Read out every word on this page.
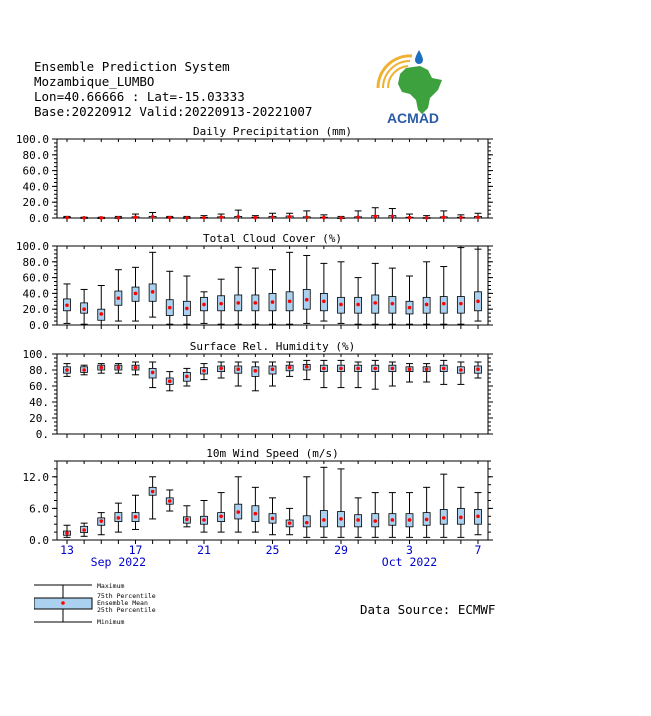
Ensemble Prediction System
Mozambique_LUMBO
Lon=40.66666 : Lat=-15.03333
Base:20220912 Valid:20220913-20221007	ACMAD
Daily Precipitation (mm)
0.0
20.0
40.0
60.0
80.0
100.0
Total Cloud Cover (%)
0.0
20.0
40.0
60.0
80.0
100.0
Surface Rel. Humidity (%)
0.
20.
40.
60.
80.
100.
10m Wind Speed (m/s)
0.0
6.0
12.0
13	17	21	25	29	3	7
Sep 2022	Oct 2022
Maximum
75th Percentile
Ensemble Mean
25th Percentile
Minimum
Data Source: ECMWF
